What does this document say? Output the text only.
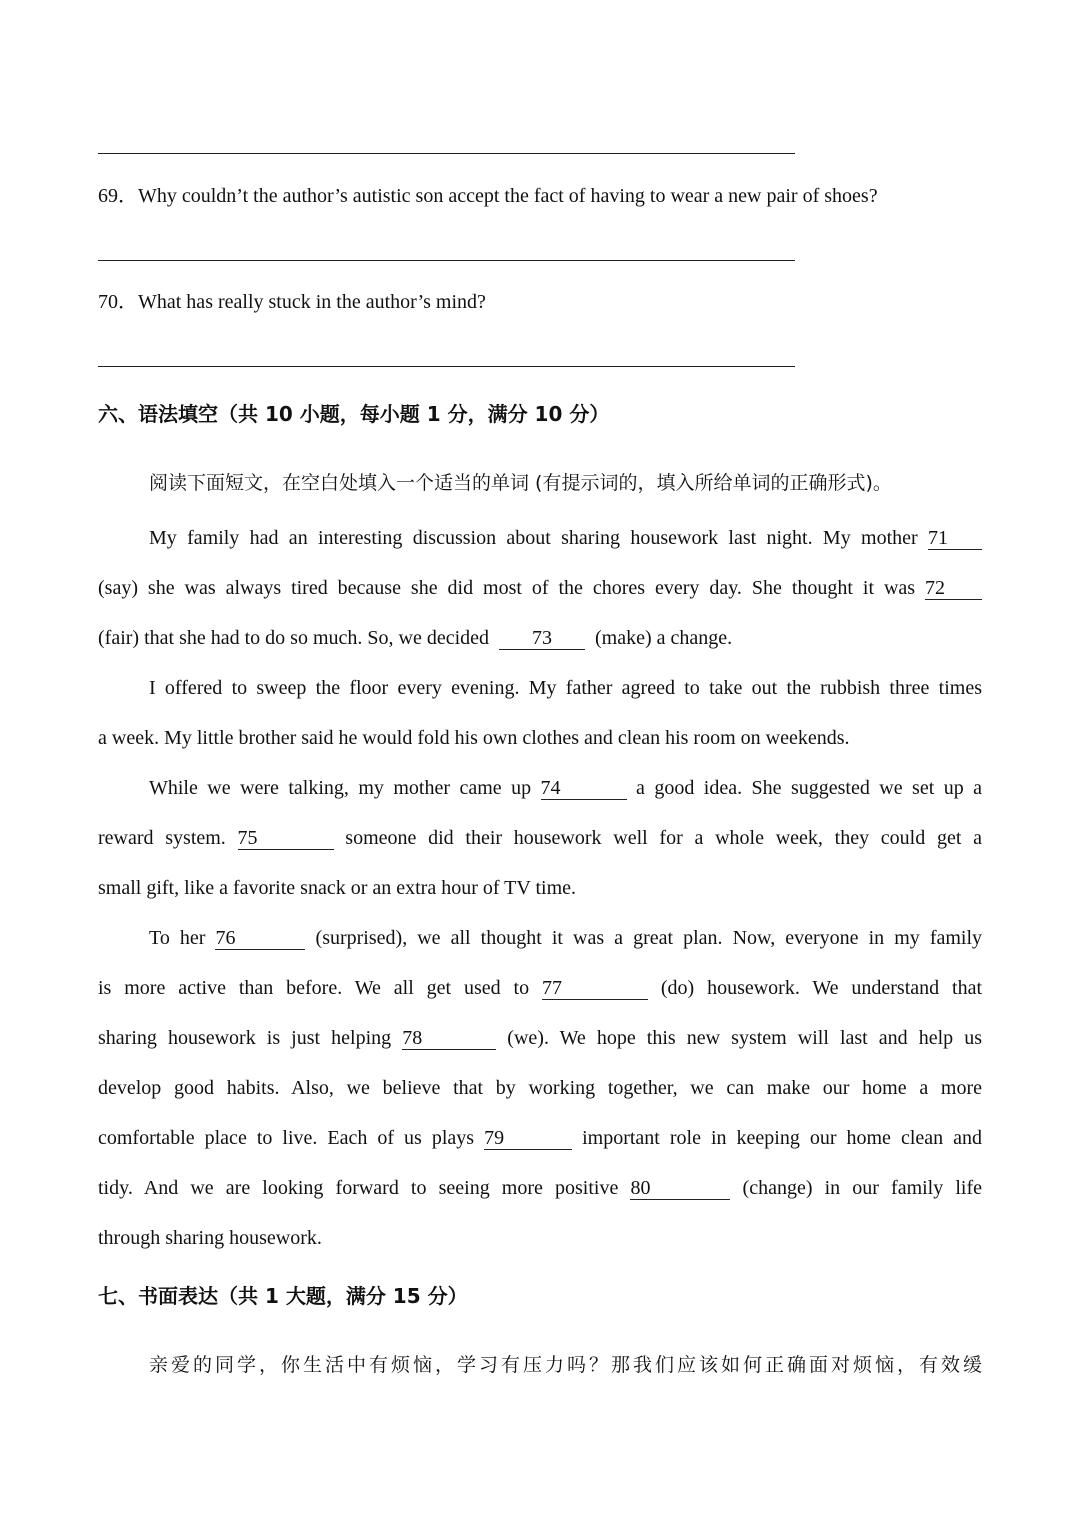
69．Why couldn’t the author’s autistic son accept the fact of having to wear a new pair of shoes?
70．What has really stuck in the author’s mind?
六、语法填空（共 10 小题，每小题 1 分，满分 10 分）
阅读下面短文，在空白处填入一个适当的单词 (有提示词的，填入所给单词的正确形式)。
My family had an interesting discussion about sharing housework last night. My mother 71
(say) she was always tired because she did most of the chores every day. She thought it was 72
(fair) that she had to do so much. So, we decided 73 (make) a change.
I offered to sweep the floor every evening. My father agreed to take out the rubbish three times
a week. My little brother said he would fold his own clothes and clean his room on weekends.
While we were talking, my mother came up 74	a good idea. She suggested we set up a
reward system. 75	someone did their housework well for a whole week, they could get a
small gift, like a favorite snack or an extra hour of TV time.
To her 76	(surprised), we all thought it was a great plan. Now, everyone in my family
is more active than before. We all get used to 77	(do) housework. We understand that
sharing housework is just helping 78	(we). We hope this new system will last and help us
develop good habits. Also, we believe that by working together, we can make our home a more
comfortable place to live. Each of us plays 79	important role in keeping our home clean and
tidy. And we are looking forward to seeing more positive 80	(change) in our family life
through sharing housework.
七、书面表达（共 1 大题，满分 15 分）
亲爱的同学，你生活中有烦恼，学习有压力吗？那我们应该如何正确面对烦恼，有效缓
